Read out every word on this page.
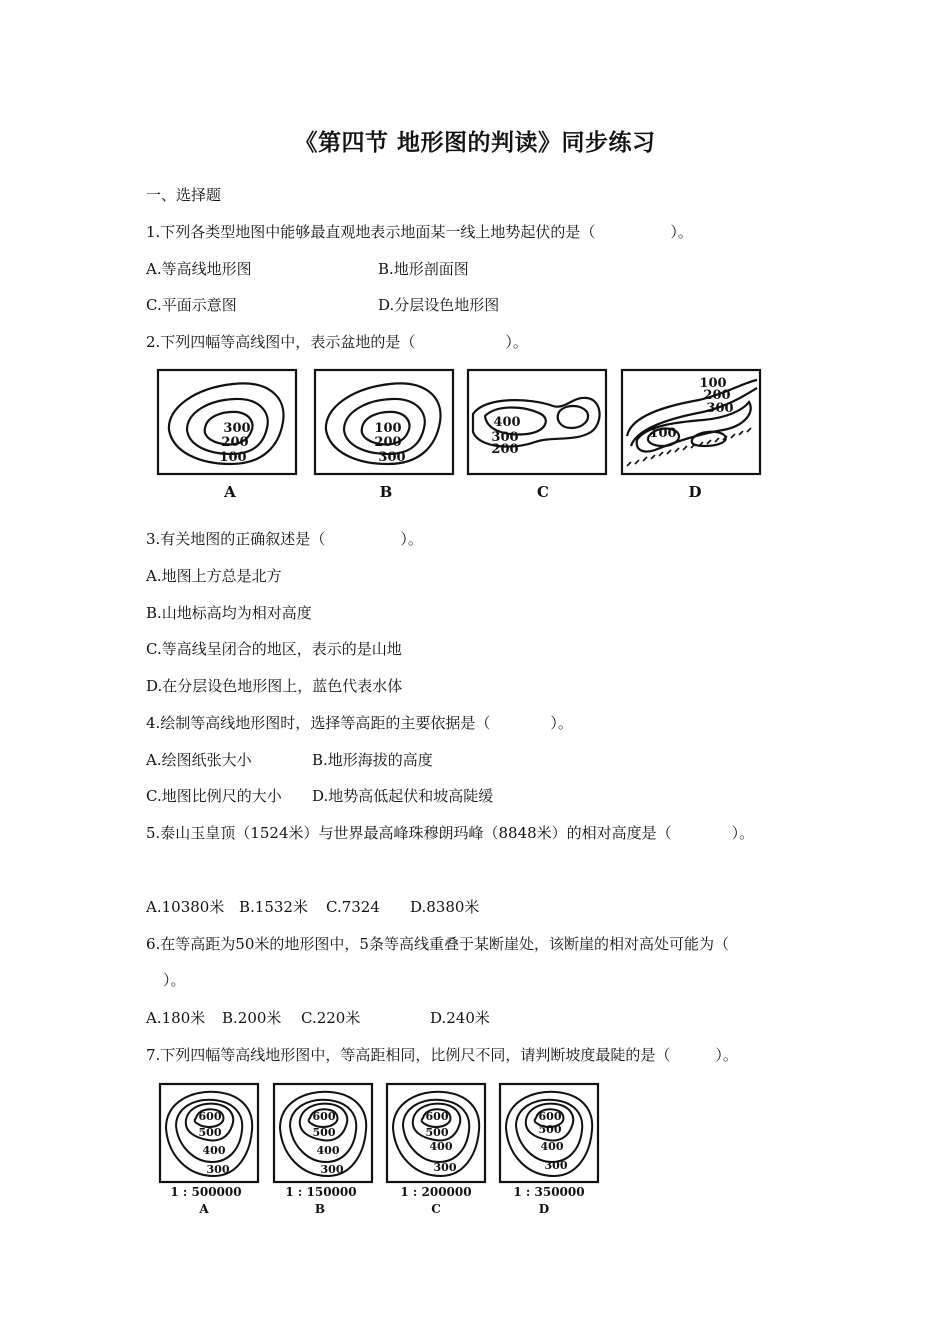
《第四节 地形图的判读》同步练习
一、选择题
1.下列各类型地图中能够最直观地表示地面某一线上地势起伏的是（　　　　　）。
A.等高线地形图	B.地形剖面图
C.平面示意图	D.分层设色地形图
2.下列四幅等高线图中，表示盆地的是（　　　　　　）。
300
200
100
100
200
300
400
300
200
100
200
300
100
A	B	C	D
3.有关地图的正确叙述是（　　　　　）。
A.地图上方总是北方
B.山地标高均为相对高度
C.等高线呈闭合的地区，表示的是山地
D.在分层设色地形图上，蓝色代表水体
4.绘制等高线地形图时，选择等高距的主要依据是（　　　　）。
A.绘图纸张大小	B.地形海拔的高度
C.地图比例尺的大小 D.地势高低起伏和坡高陡缓
5.泰山玉皇顶（1524米）与世界最高峰珠穆朗玛峰（8848米）的相对高度是（　　　　）。
A.10380米 B.1532米 C.7324 D.8380米
6.在等高距为50米的地形图中，5条等高线重叠于某断崖处，该断崖的相对高处可能为（
）。
A.180米 B.200米 C.220米	D.240米
7.下列四幅等高线地形图中，等高距相同，比例尺不同，请判断坡度最陡的是（　　　）。
600
500
400
300
600
500
400
300
600
500
400
300
600
500
400
300
1 : 500000	1 : 150000	1 : 200000	1 : 350000
A	B	C	D
